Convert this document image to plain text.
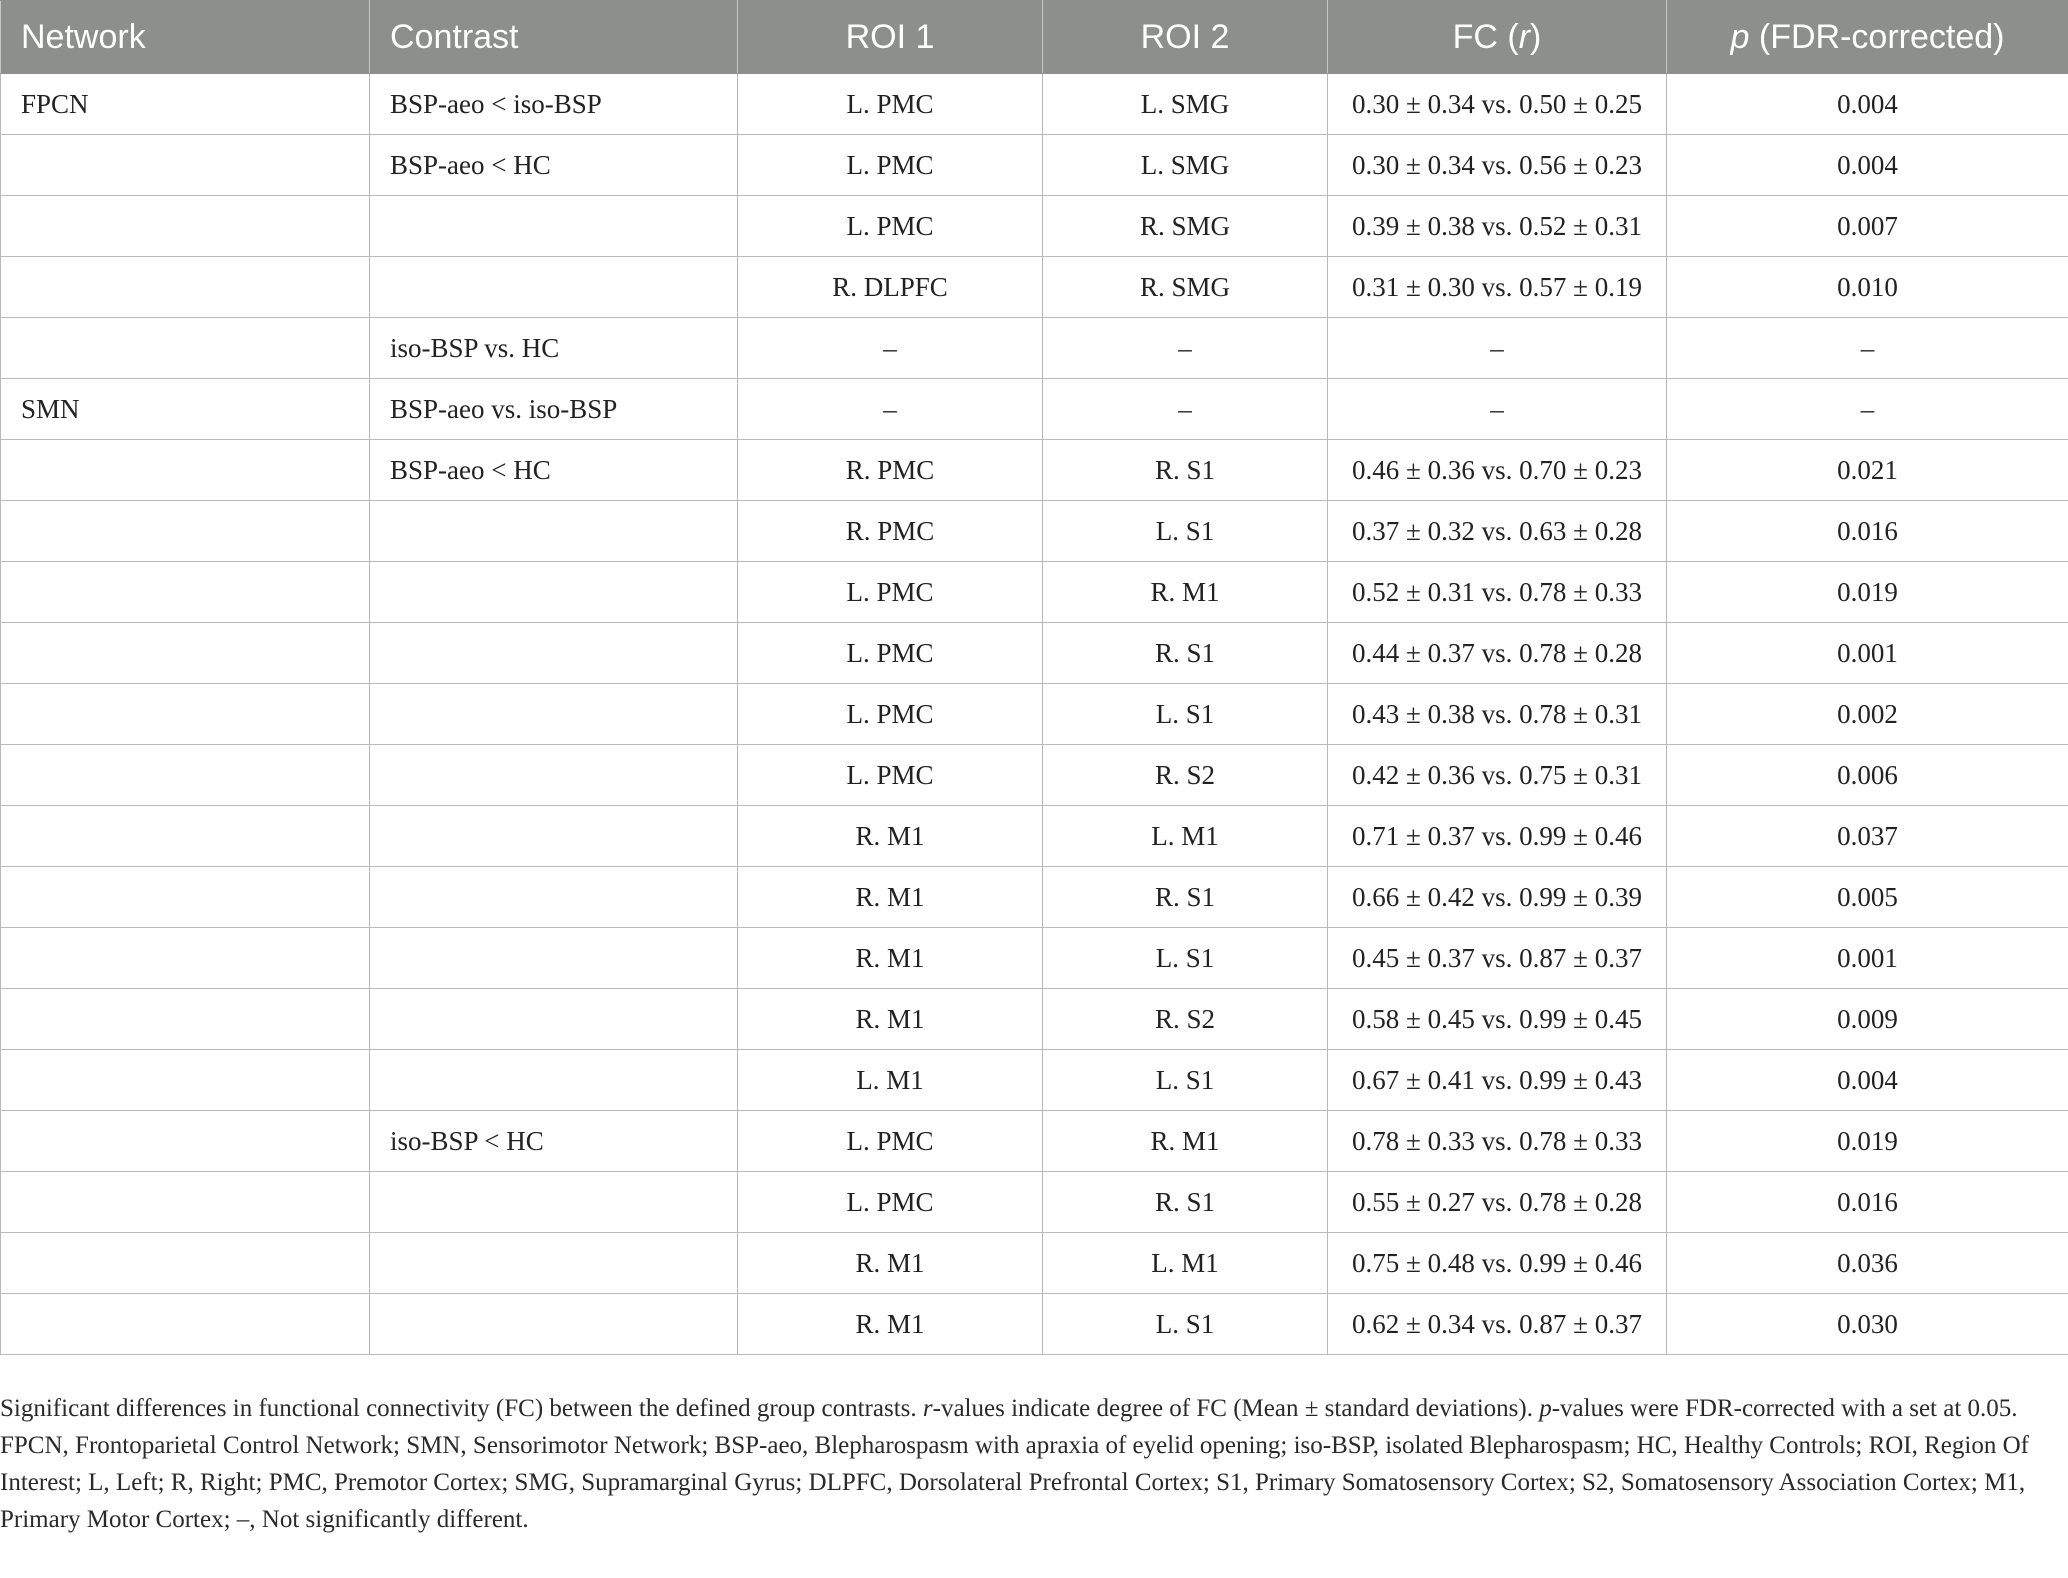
Network	Contrast	ROI 1	ROI 2	FC (r)	p (FDR-corrected)
FPCN	BSP-aeo < iso-BSP	L. PMC	L. SMG	0.30 ± 0.34 vs. 0.50 ± 0.25	0.004
	BSP-aeo < HC	L. PMC	L. SMG	0.30 ± 0.34 vs. 0.56 ± 0.23	0.004
		L. PMC	R. SMG	0.39 ± 0.38 vs. 0.52 ± 0.31	0.007
		R. DLPFC	R. SMG	0.31 ± 0.30 vs. 0.57 ± 0.19	0.010
	iso-BSP vs. HC	–	–	–	–
SMN	BSP-aeo vs. iso-BSP	–	–	–	–
	BSP-aeo < HC	R. PMC	R. S1	0.46 ± 0.36 vs. 0.70 ± 0.23	0.021
		R. PMC	L. S1	0.37 ± 0.32 vs. 0.63 ± 0.28	0.016
		L. PMC	R. M1	0.52 ± 0.31 vs. 0.78 ± 0.33	0.019
		L. PMC	R. S1	0.44 ± 0.37 vs. 0.78 ± 0.28	0.001
		L. PMC	L. S1	0.43 ± 0.38 vs. 0.78 ± 0.31	0.002
		L. PMC	R. S2	0.42 ± 0.36 vs. 0.75 ± 0.31	0.006
		R. M1	L. M1	0.71 ± 0.37 vs. 0.99 ± 0.46	0.037
		R. M1	R. S1	0.66 ± 0.42 vs. 0.99 ± 0.39	0.005
		R. M1	L. S1	0.45 ± 0.37 vs. 0.87 ± 0.37	0.001
		R. M1	R. S2	0.58 ± 0.45 vs. 0.99 ± 0.45	0.009
		L. M1	L. S1	0.67 ± 0.41 vs. 0.99 ± 0.43	0.004
	iso-BSP < HC	L. PMC	R. M1	0.78 ± 0.33 vs. 0.78 ± 0.33	0.019
		L. PMC	R. S1	0.55 ± 0.27 vs. 0.78 ± 0.28	0.016
		R. M1	L. M1	0.75 ± 0.48 vs. 0.99 ± 0.46	0.036
		R. M1	L. S1	0.62 ± 0.34 vs. 0.87 ± 0.37	0.030
Significant differences in functional connectivity (FC) between the defined group contrasts. r-values indicate degree of FC (Mean ± standard deviations). p-values were FDR-corrected with a set at 0.05. FPCN, Frontoparietal Control Network; SMN, Sensorimotor Network; BSP-aeo, Blepharospasm with apraxia of eyelid opening; iso-BSP, isolated Blepharospasm; HC, Healthy Controls; ROI, Region Of Interest; L, Left; R, Right; PMC, Premotor Cortex; SMG, Supramarginal Gyrus; DLPFC, Dorsolateral Prefrontal Cortex; S1, Primary Somatosensory Cortex; S2, Somatosensory Association Cortex; M1, Primary Motor Cortex; –, Not significantly different.
